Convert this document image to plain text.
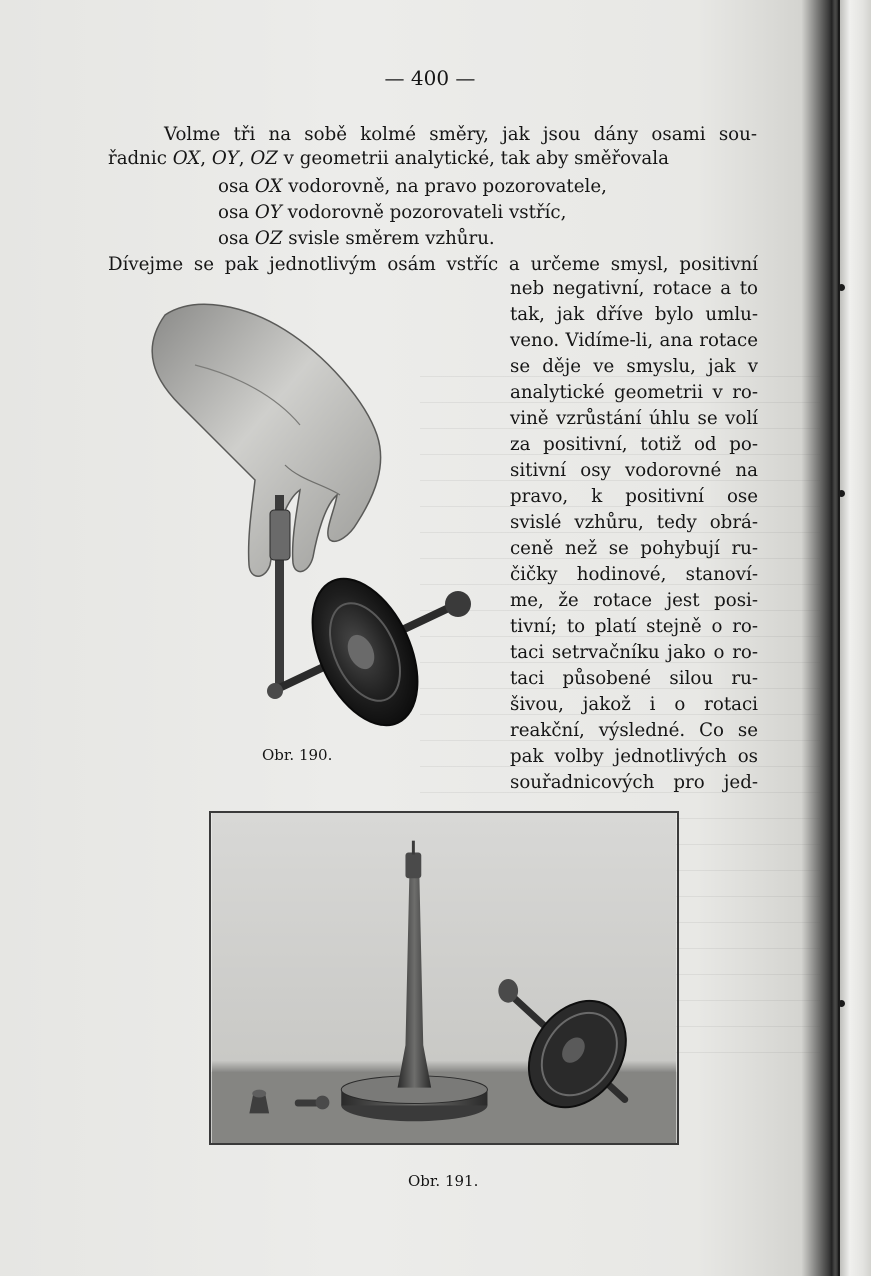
— 400 —
Volme tři na sobě kolmé směry, jak jsou dány osami sou-
řadnic OX, OY, OZ v geometrii analytické, tak aby směřovala
osa OX vodorovně, na pravo pozorovatele,
osa OY vodorovně pozorovateli vstříc,
osa OZ svisle směrem vzhůru.
Dívejme se pak jednotlivým osám vstříc a určeme smysl, positivní
neb negativní, rotace a to
tak, jak dříve bylo umlu-
veno. Vidíme-li, ana rotace
se děje ve smyslu, jak v
analytické geometrii v ro-
vině vzrůstání úhlu se volí
za positivní, totiž od po-
sitivní osy vodorovné na
pravo, k positivní ose
svislé vzhůru, tedy obrá-
ceně než se pohybují ru-
čičky hodinové, stanoví-
me, že rotace jest posi-
tivní; to platí stejně o ro-
taci setrvačníku jako o ro-
taci působené silou ru-
šivou, jakož i o rotaci
reakční, výsledné. Co se
pak volby jednotlivých os
souřadnicových pro jed-
Obr. 190.
Obr. 191.
